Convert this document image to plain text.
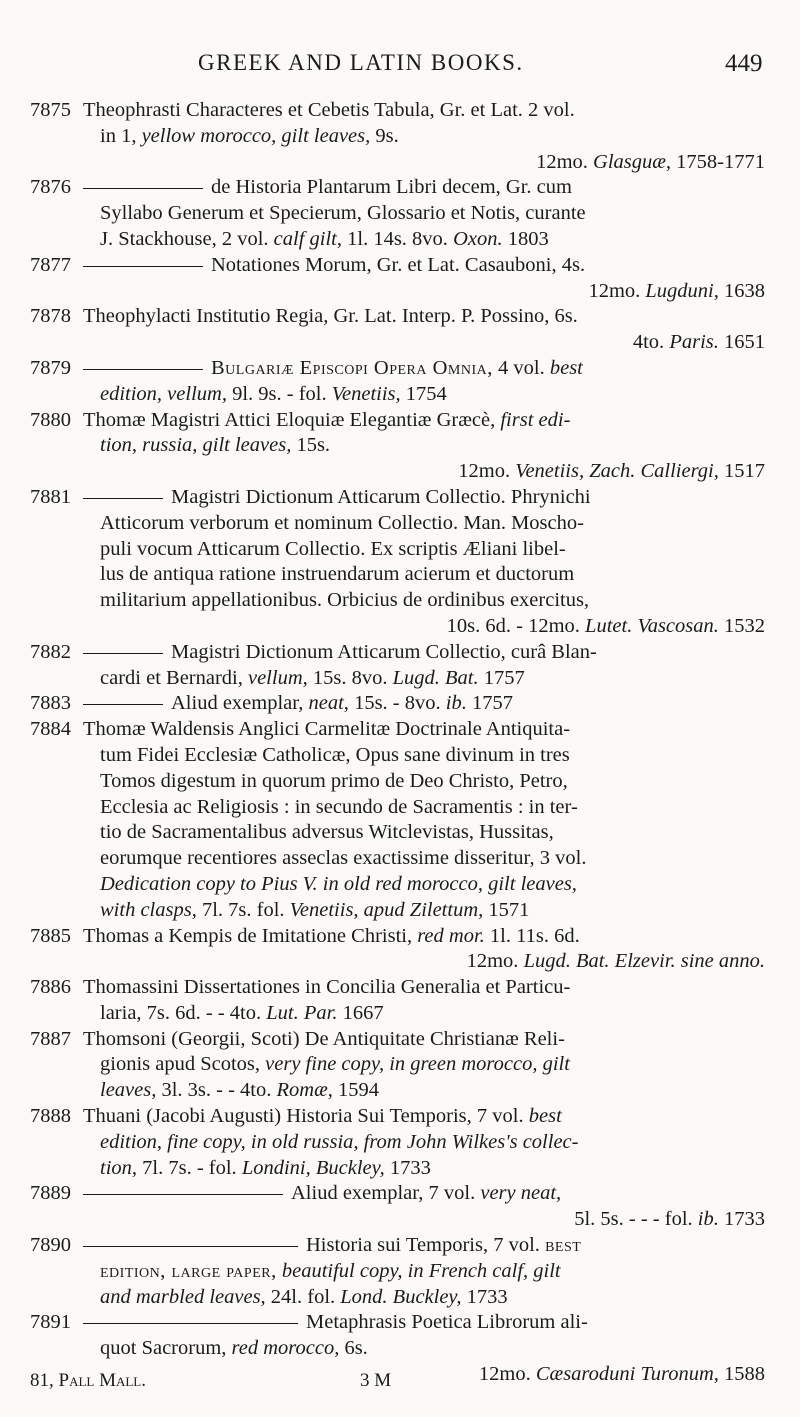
GREEK AND LATIN BOOKS.	449
7875 Theophrasti Characteres et Cebetis Tabula, Gr. et Lat. 2 vol.
in 1, yellow morocco, gilt leaves, 9s.
12mo. Glasguæ, 1758-1771
7876	de Historia Plantarum Libri decem, Gr. cum
Syllabo Generum et Specierum, Glossario et Notis, curante
J. Stackhouse, 2 vol. calf gilt, 1l. 14s. 8vo. Oxon. 1803
7877	Notationes Morum, Gr. et Lat. Casauboni, 4s.
12mo. Lugduni, 1638
7878 Theophylacti Institutio Regia, Gr. Lat. Interp. P. Possino, 6s.
4to. Paris. 1651
7879	Bulgariæ Episcopi Opera Omnia, 4 vol. best
edition, vellum, 9l. 9s. - fol. Venetiis, 1754
7880 Thomæ Magistri Attici Eloquiæ Elegantiæ Græcè, first edi-
tion, russia, gilt leaves, 15s.
12mo. Venetiis, Zach. Calliergi, 1517
7881	Magistri Dictionum Atticarum Collectio. Phrynichi
Atticorum verborum et nominum Collectio. Man. Moscho-
puli vocum Atticarum Collectio. Ex scriptis Æliani libel-
lus de antiqua ratione instruendarum acierum et ductorum
militarium appellationibus. Orbicius de ordinibus exercitus,
10s. 6d. - 12mo. Lutet. Vascosan. 1532
7882	Magistri Dictionum Atticarum Collectio, curâ Blan-
cardi et Bernardi, vellum, 15s. 8vo. Lugd. Bat. 1757
7883	Aliud exemplar, neat, 15s. - 8vo. ib. 1757
7884 Thomæ Waldensis Anglici Carmelitæ Doctrinale Antiquita-
tum Fidei Ecclesiæ Catholicæ, Opus sane divinum in tres
Tomos digestum in quorum primo de Deo Christo, Petro,
Ecclesia ac Religiosis : in secundo de Sacramentis : in ter-
tio de Sacramentalibus adversus Witclevistas, Hussitas,
eorumque recentiores asseclas exactissime disseritur, 3 vol.
Dedication copy to Pius V. in old red morocco, gilt leaves,
with clasps, 7l. 7s. fol. Venetiis, apud Zilettum, 1571
7885 Thomas a Kempis de Imitatione Christi, red mor. 1l. 11s. 6d.
12mo. Lugd. Bat. Elzevir. sine anno.
7886 Thomassini Dissertationes in Concilia Generalia et Particu-
laria, 7s. 6d. - - 4to. Lut. Par. 1667
7887 Thomsoni (Georgii, Scoti) De Antiquitate Christianæ Reli-
gionis apud Scotos, very fine copy, in green morocco, gilt
leaves, 3l. 3s. - - 4to. Romæ, 1594
7888 Thuani (Jacobi Augusti) Historia Sui Temporis, 7 vol. best
edition, fine copy, in old russia, from John Wilkes's collec-
tion, 7l. 7s. - fol. Londini, Buckley, 1733
7889	Aliud exemplar, 7 vol. very neat,
5l. 5s. - - - fol. ib. 1733
7890	Historia sui Temporis, 7 vol. best
edition, large paper, beautiful copy, in French calf, gilt
and marbled leaves, 24l. fol. Lond. Buckley, 1733
7891	Metaphrasis Poetica Librorum ali-
quot Sacrorum, red morocco, 6s.
12mo. Cæsaroduni Turonum, 1588
81, Pall Mall.	3 M
